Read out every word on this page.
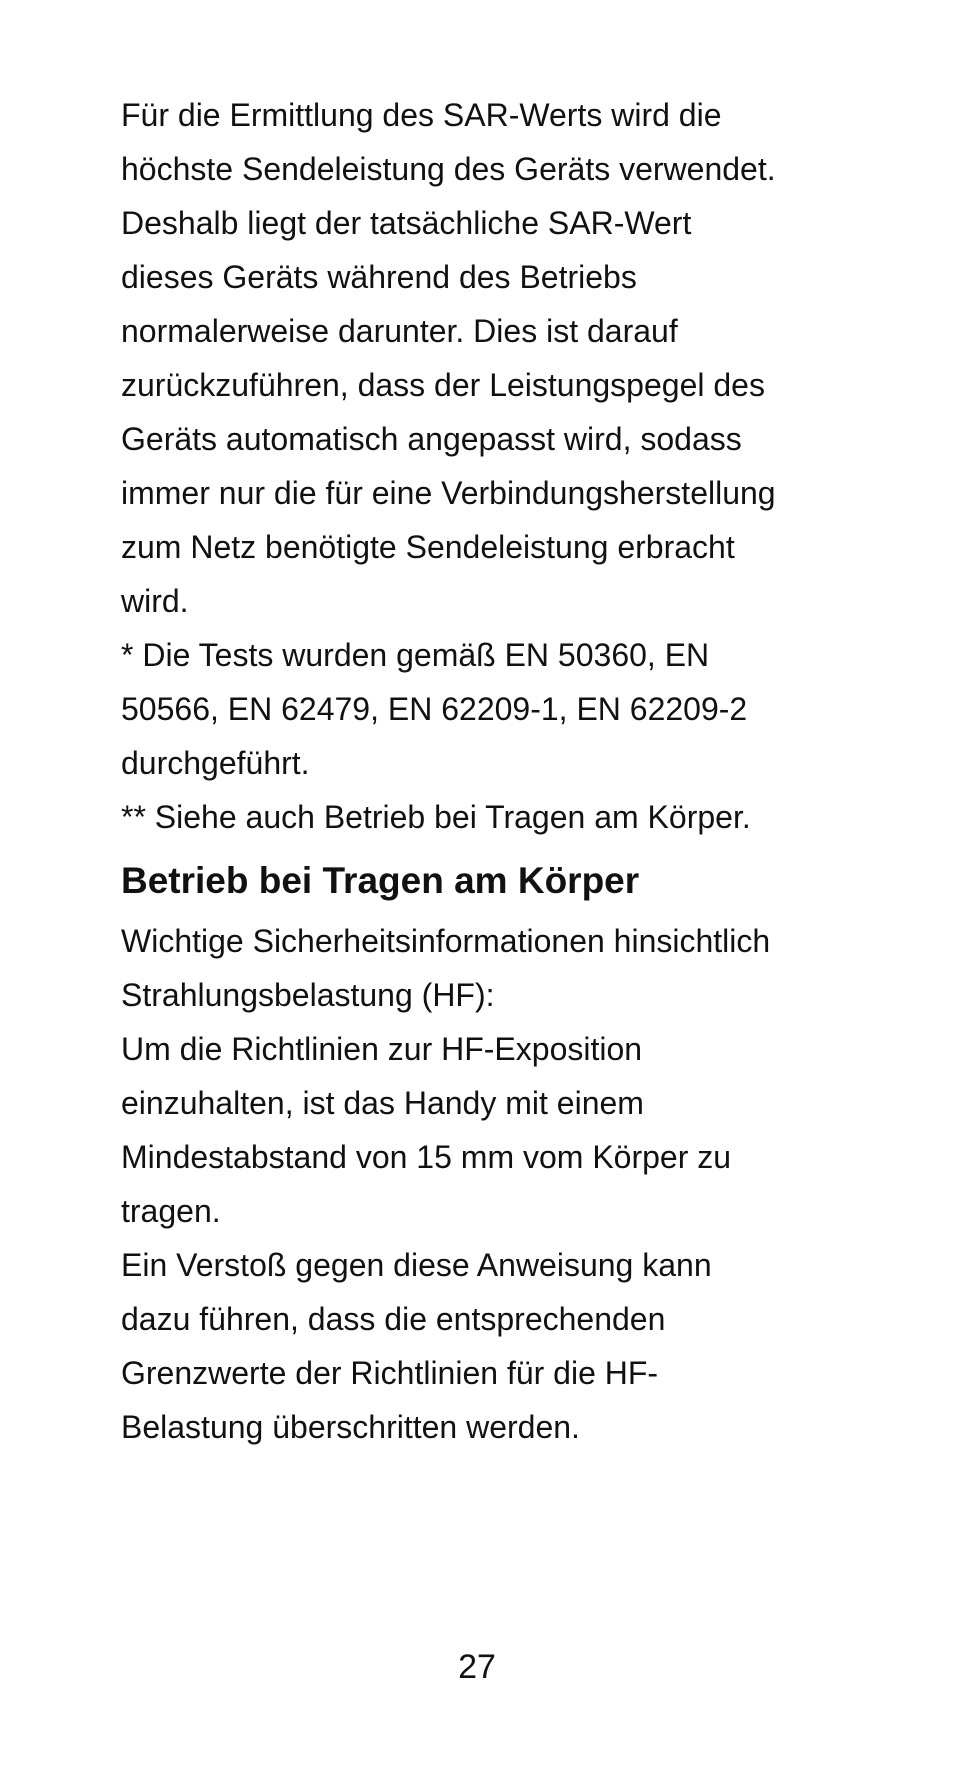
Für die Ermittlung des SAR-Werts wird die
höchste Sendeleistung des Geräts verwendet.
Deshalb liegt der tatsächliche SAR-Wert
dieses Geräts während des Betriebs
normalerweise darunter. Dies ist darauf
zurückzuführen, dass der Leistungspegel des
Geräts automatisch angepasst wird, sodass
immer nur die für eine Verbindungsherstellung
zum Netz benötigte Sendeleistung erbracht
wird.

* Die Tests wurden gemäß EN 50360, EN
50566, EN 62479, EN 62209-1, EN 62209-2
durchgeführt.

** Siehe auch Betrieb bei Tragen am Körper.

Betrieb bei Tragen am Körper

Wichtige Sicherheitsinformationen hinsichtlich
Strahlungsbelastung (HF):

Um die Richtlinien zur HF-Exposition
einzuhalten, ist das Handy mit einem
Mindestabstand von 15 mm vom Körper zu
tragen.

Ein Verstoß gegen diese Anweisung kann
dazu führen, dass die entsprechenden
Grenzwerte der Richtlinien für die HF-
Belastung überschritten werden.

27
